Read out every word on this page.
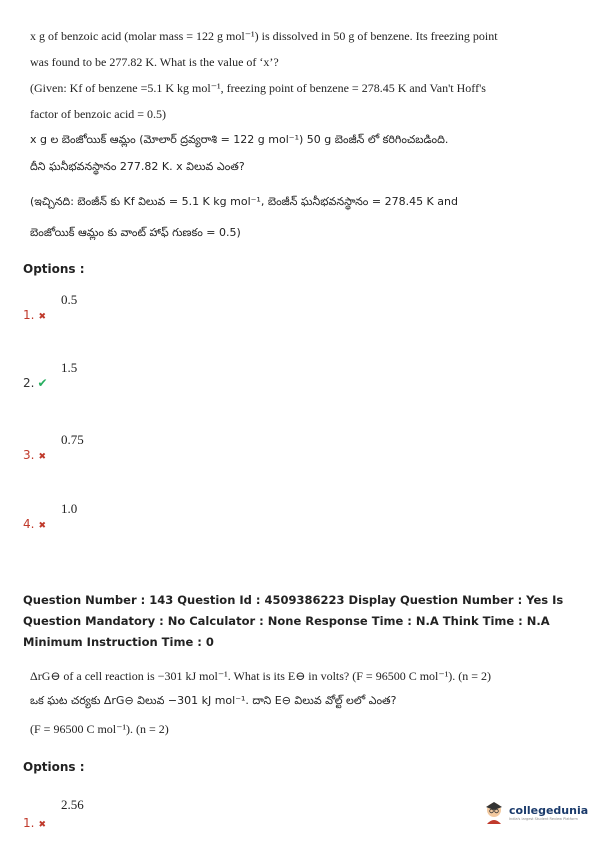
x g of benzoic acid (molar mass = 122 g mol⁻¹) is dissolved in 50 g of benzene. Its freezing point
was found to be 277.82 K. What is the value of ‘x’?
(Given: Kf of benzene =5.1 K kg mol⁻¹, freezing point of benzene = 278.45 K and Van't Hoff's
factor of benzoic acid = 0.5)
x g ల బెంజోయిక్ ఆమ్లం (మోలార్ ద్రవ్యరాశి = 122 g mol⁻¹) 50 g బెంజీన్ లో కరిగించబడింది.
దీని ఘనీభవనస్థానం 277.82 K. x విలువ ఎంత?
(ఇచ్చినది: బెంజీన్ కు Kf విలువ = 5.1 K kg mol⁻¹, బెంజీన్ ఘనీభవనస్థానం = 278.45 K and
బెంజోయిక్ ఆమ్లం కు వాంట్ హాఫ్ గుణకం = 0.5)
Options :
1. ✖
0.5
2. ✔
1.5
3. ✖
0.75
4. ✖
1.0
Question Number : 143 Question Id : 4509386223 Display Question Number : Yes Is Question Mandatory : No Calculator : None Response Time : N.A Think Time : N.A Minimum Instruction Time : 0
ΔrG⊖ of a cell reaction is −301 kJ mol⁻¹. What is its E⊖ in volts? (F = 96500 C mol⁻¹). (n = 2)
ఒక ఘట చర్యకు ΔrG⊖ విలువ −301 kJ mol⁻¹. దాని E⊖ విలువ వోల్ట్ లలో ఎంత?
(F = 96500 C mol⁻¹). (n = 2)
Options :
1. ✖
2.56	collegedunia
India's largest Student Review Platform
